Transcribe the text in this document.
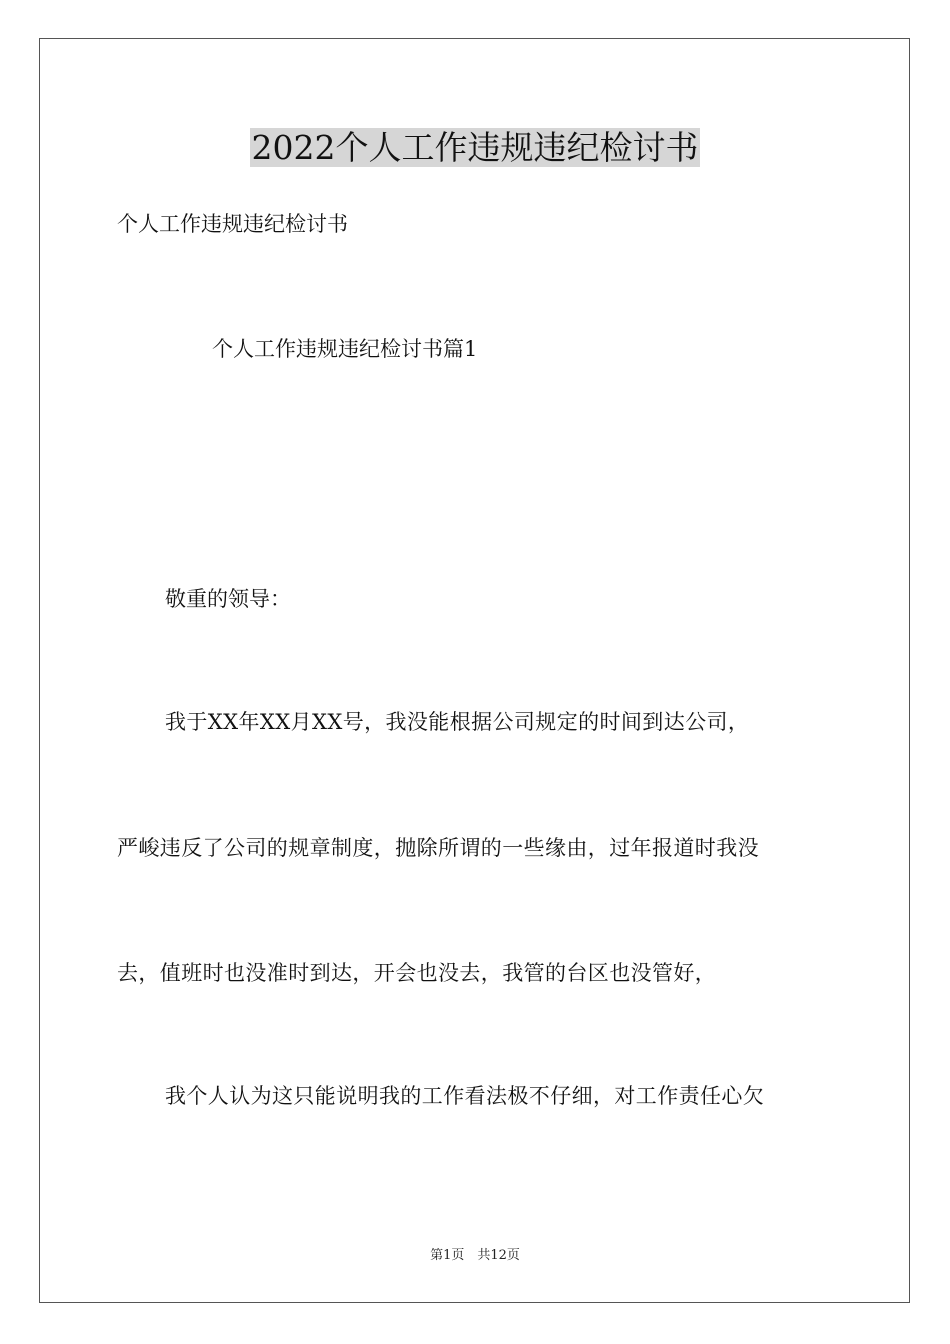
2022个人工作违规违纪检讨书
个人工作违规违纪检讨书
个人工作违规违纪检讨书篇1
敬重的领导：
我于XX年XX月XX号，我没能根据公司规定的时间到达公司，
严峻违反了公司的规章制度，抛除所谓的一些缘由，过年报道时我没
去，值班时也没准时到达，开会也没去，我管的台区也没管好，
我个人认为这只能说明我的工作看法极不仔细，对工作责任心欠
第1页　共12页
